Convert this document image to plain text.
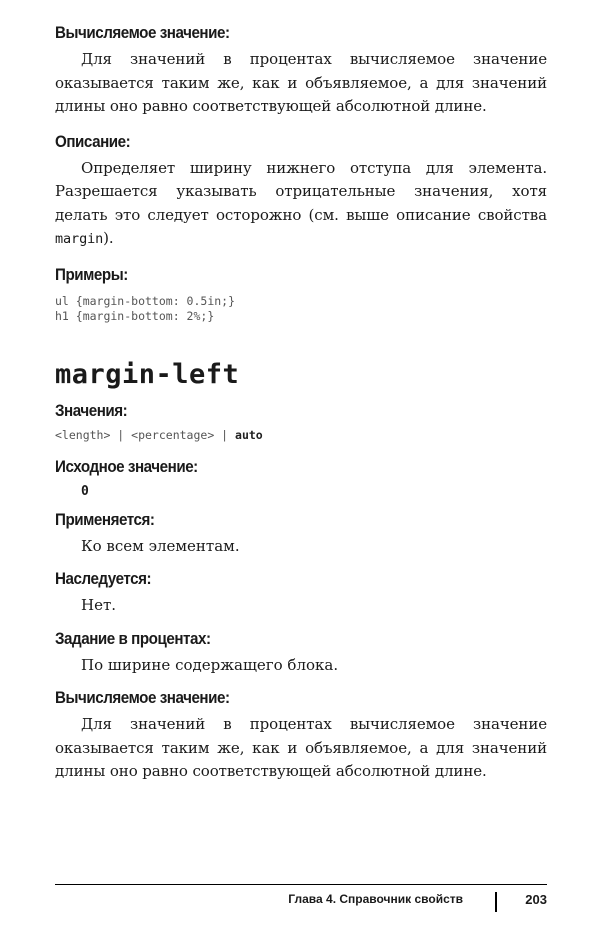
Вычисляемое значение:

Для значений в процентах вычисляемое значение оказывается таким же, как и объявляемое, а для значений длины оно равно соответствующей абсолютной длине.

Описание:

Определяет ширину нижнего отступа для элемента. Разрешается указывать отрицательные значения, хотя делать это следует осторожно (см. выше описание свойства margin).

Примеры:
ul {margin-bottom: 0.5in;}
h1 {margin-bottom: 2%;}
margin-left
Значения:
<length> | <percentage> | auto
Исходное значение:
0
Применяется:
Ко всем элементам.
Наследуется:
Нет.
Задание в процентах:
По ширине содержащего блока.
Вычисляемое значение:

Для значений в процентах вычисляемое значение оказывается таким же, как и объявляемое, а для значений длины оно равно соответствующей абсолютной длине.

Глава 4. Справочник свойств	203
